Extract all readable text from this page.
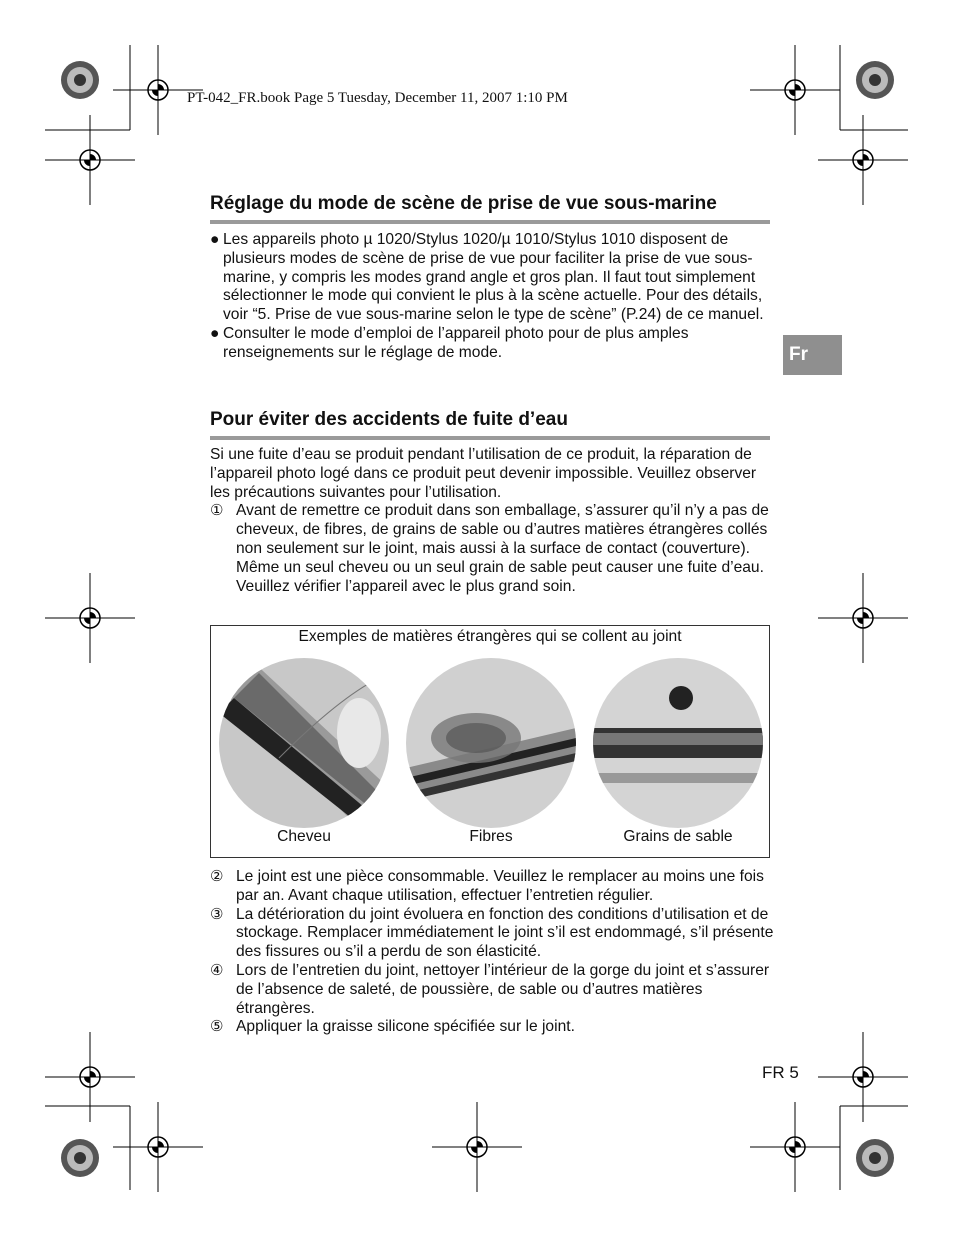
PT-042_FR.book Page 5 Tuesday, December 11, 2007 1:10 PM
Fr
Réglage du mode de scène de prise de vue sous-marine
● Les appareils photo µ 1020/Stylus 1020/µ 1010/Stylus 1010 disposent de plusieurs modes de scène de prise de vue pour faciliter la prise de vue sous-marine, y compris les modes grand angle et gros plan. Il faut tout simplement sélectionner le mode qui convient le plus à la scène actuelle. Pour des détails, voir “5. Prise de vue sous-marine selon le type de scène” (P.24) de ce manuel.
● Consulter le mode d’emploi de l’appareil photo pour de plus amples renseignements sur le réglage de mode.
Pour éviter des accidents de fuite d’eau
Si une fuite d’eau se produit pendant l’utilisation de ce produit, la réparation de l’appareil photo logé dans ce produit peut devenir impossible. Veuillez observer les précautions suivantes pour l’utilisation.
① Avant de remettre ce produit dans son emballage, s’assurer qu’il n’y a pas de cheveux, de fibres, de grains de sable ou d’autres matières étrangères collés non seulement sur le joint, mais aussi à la surface de contact (couverture). Même un seul cheveu ou un seul grain de sable peut causer une fuite d’eau. Veuillez vérifier l’appareil avec le plus grand soin.
Exemples de matières étrangères qui se collent au joint
Cheveu	Fibres	Grains de sable
② Le joint est une pièce consommable. Veuillez le remplacer au moins une fois par an. Avant chaque utilisation, effectuer l’entretien régulier.
③ La détérioration du joint évoluera en fonction des conditions d’utilisation et de stockage. Remplacer immédiatement le joint s’il est endommagé, s’il présente des fissures ou s’il a perdu de son élasticité.
④ Lors de l’entretien du joint, nettoyer l’intérieur de la gorge du joint et s’assurer de l’absence de saleté, de poussière, de sable ou d’autres matières étrangères.
⑤ Appliquer la graisse silicone spécifiée sur le joint.
FR 5
